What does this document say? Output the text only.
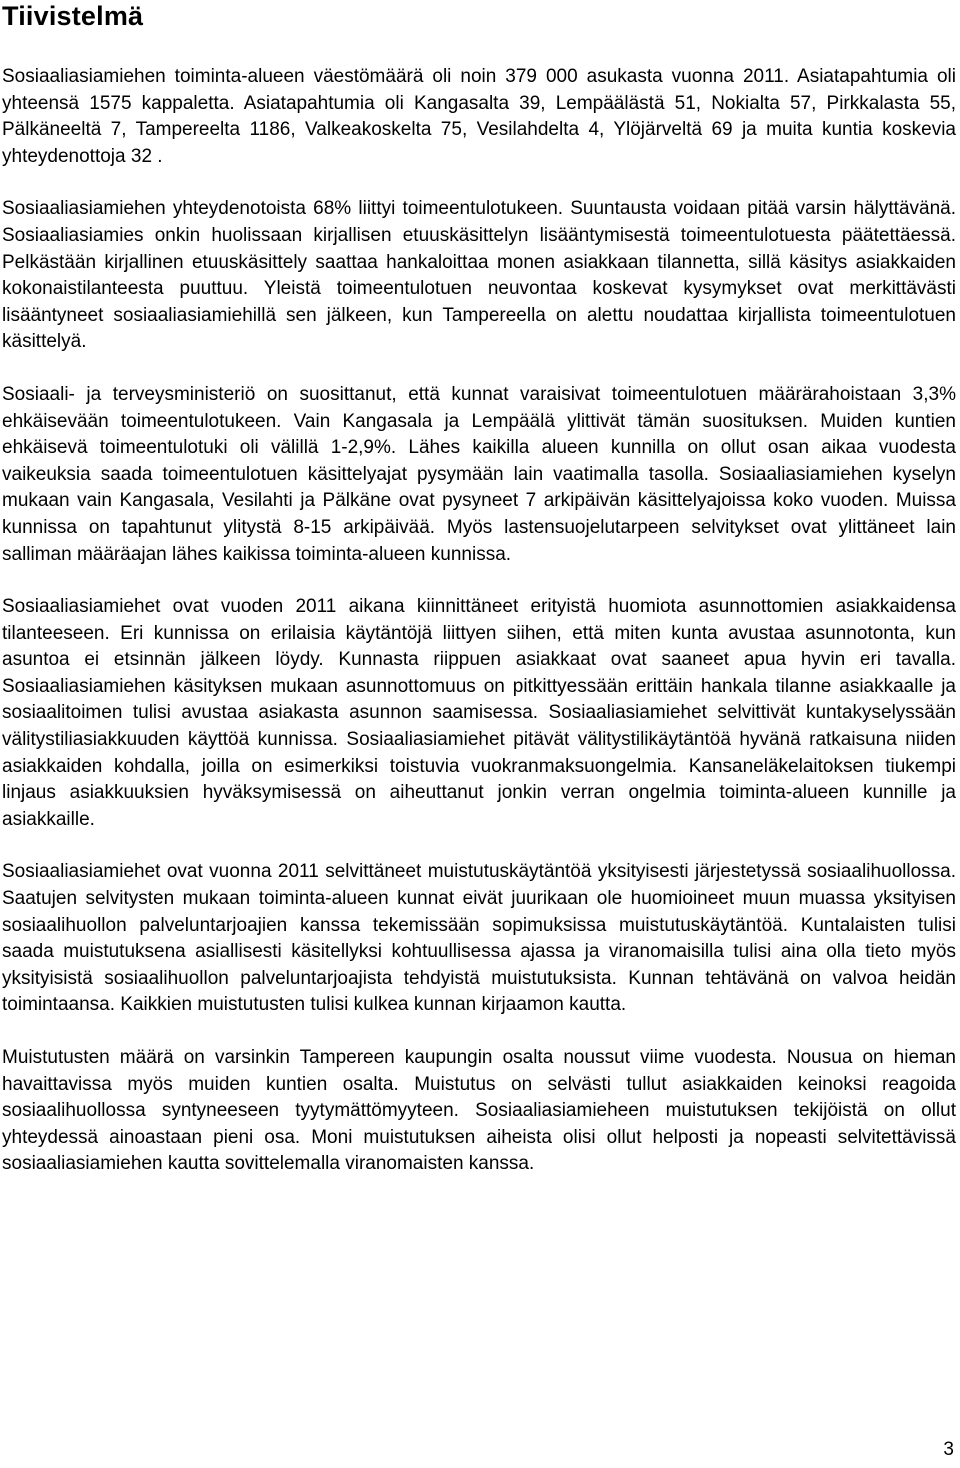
Tiivistelmä

Sosiaaliasiamiehen toiminta-alueen väestömäärä oli noin 379 000 asukasta vuonna 2011. Asiatapahtumia oli yhteensä 1575 kappaletta. Asiatapahtumia oli Kangasalta 39, Lempäälästä 51, Nokialta 57, Pirkkalasta 55, Pälkäneeltä 7, Tampereelta 1186, Valkeakoskelta 75, Vesilahdelta 4, Ylöjärveltä 69 ja muita kuntia koskevia yhteydenottoja 32 .

Sosiaaliasiamiehen yhteydenotoista 68% liittyi toimeentulotukeen. Suuntausta voidaan pitää varsin hälyttävänä. Sosiaaliasiamies onkin huolissaan kirjallisen etuuskäsittelyn lisääntymisestä toimeentulotuesta päätettäessä. Pelkästään kirjallinen etuuskäsittely saattaa hankaloittaa monen asiakkaan tilannetta, sillä käsitys asiakkaiden kokonaistilanteesta puuttuu. Yleistä toimeentulotuen neuvontaa koskevat kysymykset ovat merkittävästi lisääntyneet sosiaaliasiamiehillä sen jälkeen, kun Tampereella on alettu noudattaa kirjallista toimeentulotuen käsittelyä.

Sosiaali- ja terveysministeriö on suosittanut, että kunnat varaisivat toimeentulotuen määrärahoistaan 3,3% ehkäisevään toimeentulotukeen. Vain Kangasala ja Lempäälä ylittivät tämän suosituksen. Muiden kuntien ehkäisevä toimeentulotuki oli välillä 1-2,9%. Lähes kaikilla alueen kunnilla on ollut osan aikaa vuodesta vaikeuksia saada toimeentulotuen käsittelyajat pysymään lain vaatimalla tasolla. Sosiaaliasiamiehen kyselyn mukaan vain Kangasala, Vesilahti ja Pälkäne ovat pysyneet 7 arkipäivän käsittelyajoissa koko vuoden. Muissa kunnissa on tapahtunut ylitystä 8-15 arkipäivää. Myös lastensuojelutarpeen selvitykset ovat ylittäneet lain salliman määräajan lähes kaikissa toiminta-alueen kunnissa.

Sosiaaliasiamiehet ovat vuoden 2011 aikana kiinnittäneet erityistä huomiota asunnottomien asiakkaidensa tilanteeseen. Eri kunnissa on erilaisia käytäntöjä liittyen siihen, että miten kunta avustaa asunnotonta, kun asuntoa ei etsinnän jälkeen löydy. Kunnasta riippuen asiakkaat ovat saaneet apua hyvin eri tavalla. Sosiaaliasiamiehen käsityksen mukaan asunnottomuus on pitkittyessään erittäin hankala tilanne asiakkaalle ja sosiaalitoimen tulisi avustaa asiakasta asunnon saamisessa. Sosiaaliasiamiehet selvittivät kuntakyselyssään välitystiliasiakkuuden käyttöä kunnissa. Sosiaaliasiamiehet pitävät välitystilikäytäntöä hyvänä ratkaisuna niiden asiakkaiden kohdalla, joilla on esimerkiksi toistuvia vuokranmaksuongelmia. Kansaneläkelaitoksen tiukempi linjaus asiakkuuksien hyväksymisessä on aiheuttanut jonkin verran ongelmia toiminta-alueen kunnille ja asiakkaille.

Sosiaaliasiamiehet ovat vuonna 2011 selvittäneet muistutuskäytäntöä yksityisesti järjestetyssä sosiaalihuollossa. Saatujen selvitysten mukaan toiminta-alueen kunnat eivät juurikaan ole huomioineet muun muassa yksityisen sosiaalihuollon palveluntarjoajien kanssa tekemissään sopimuksissa muistutuskäytäntöä. Kuntalaisten tulisi saada muistutuksena asiallisesti käsitellyksi kohtuullisessa ajassa ja viranomaisilla tulisi aina olla tieto myös yksityisistä sosiaalihuollon palveluntarjoajista tehdyistä muistutuksista. Kunnan tehtävänä on valvoa heidän toimintaansa. Kaikkien muistutusten tulisi kulkea kunnan kirjaamon kautta.

Muistutusten määrä on varsinkin Tampereen kaupungin osalta noussut viime vuodesta. Nousua on hieman havaittavissa myös muiden kuntien osalta. Muistutus on selvästi tullut asiakkaiden keinoksi reagoida sosiaalihuollossa syntyneeseen tyytymättömyyteen. Sosiaaliasiamieheen muistutuksen tekijöistä on ollut yhteydessä ainoastaan pieni osa. Moni muistutuksen aiheista olisi ollut helposti ja nopeasti selvitettävissä sosiaaliasiamiehen kautta sovittelemalla viranomaisten kanssa.

3
